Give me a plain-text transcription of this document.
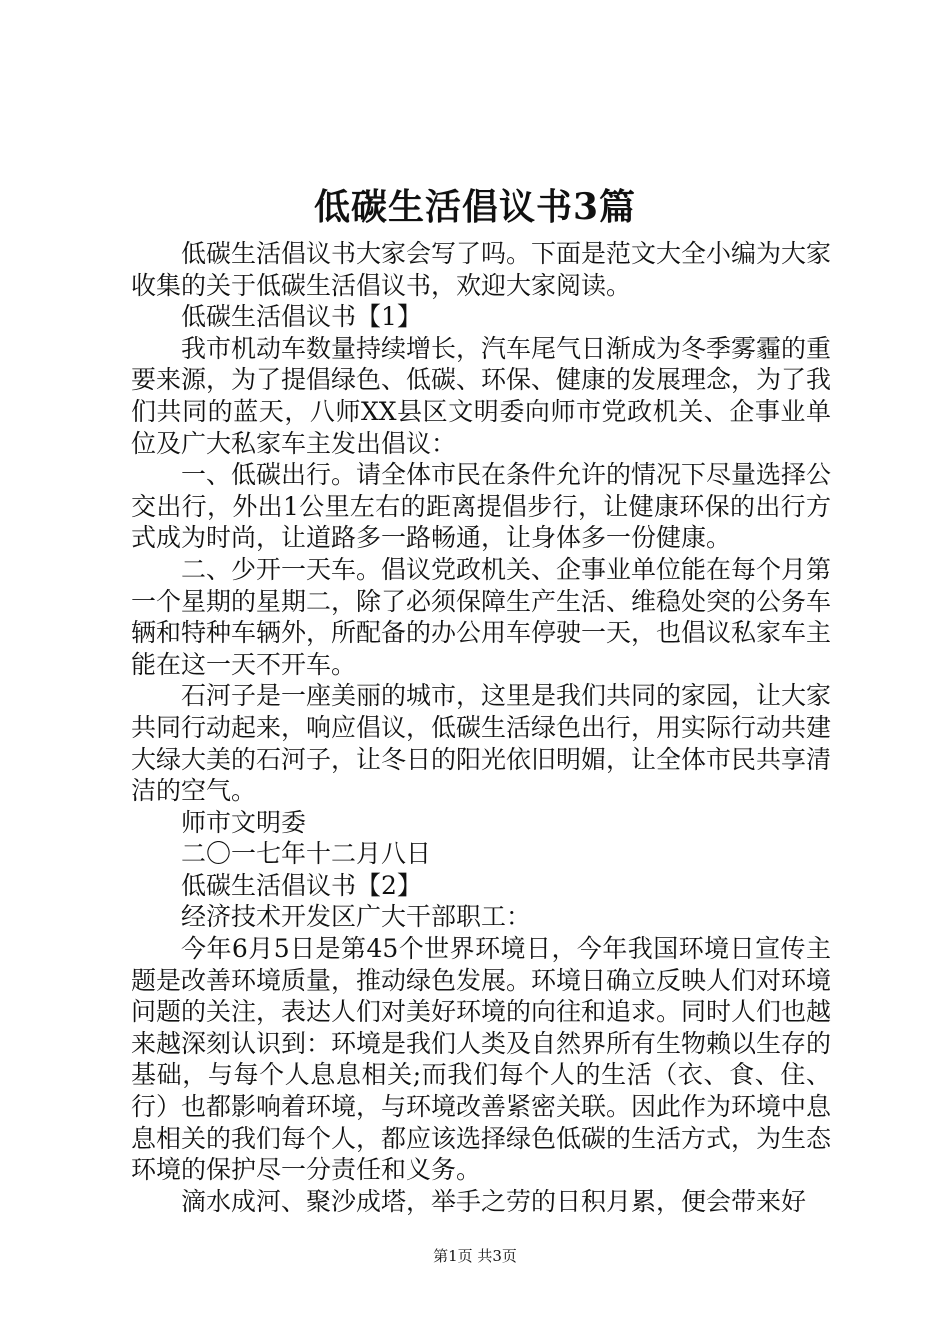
低碳生活倡议书3篇

低碳生活倡议书大家会写了吗。下面是范文大全小编为大家收集的关于低碳生活倡议书，欢迎大家阅读。

低碳生活倡议书【1】

我市机动车数量持续增长，汽车尾气日渐成为冬季雾霾的重要来源，为了提倡绿色、低碳、环保、健康的发展理念，为了我们共同的蓝天，八师XX县区文明委向师市党政机关、企事业单位及广大私家车主发出倡议：

一、低碳出行。请全体市民在条件允许的情况下尽量选择公交出行，外出1公里左右的距离提倡步行，让健康环保的出行方式成为时尚，让道路多一路畅通，让身体多一份健康。

二、少开一天车。倡议党政机关、企事业单位能在每个月第一个星期的星期二，除了必须保障生产生活、维稳处突的公务车辆和特种车辆外，所配备的办公用车停驶一天，也倡议私家车主能在这一天不开车。

石河子是一座美丽的城市，这里是我们共同的家园，让大家共同行动起来，响应倡议，低碳生活绿色出行，用实际行动共建大绿大美的石河子，让冬日的阳光依旧明媚，让全体市民共享清洁的空气。

师市文明委

二〇一七年十二月八日

低碳生活倡议书【2】

经济技术开发区广大干部职工：

今年6月5日是第45个世界环境日，今年我国环境日宣传主题是改善环境质量，推动绿色发展。环境日确立反映人们对环境问题的关注，表达人们对美好环境的向往和追求。同时人们也越来越深刻认识到：环境是我们人类及自然界所有生物赖以生存的基础，与每个人息息相关;而我们每个人的生活（衣、食、住、行）也都影响着环境，与环境改善紧密关联。因此作为环境中息息相关的我们每个人，都应该选择绿色低碳的生活方式，为生态环境的保护尽一分责任和义务。

滴水成河、聚沙成塔，举手之劳的日积月累，便会带来好

第1页 共3页
